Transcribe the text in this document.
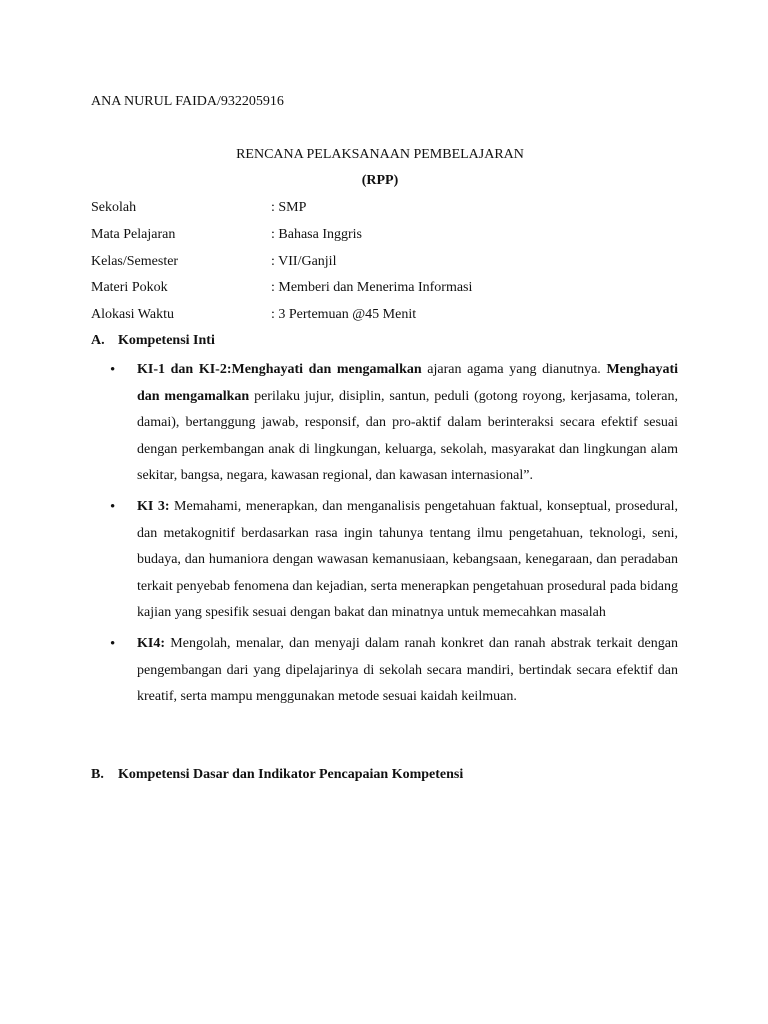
ANA NURUL FAIDA/932205916
RENCANA PELAKSANAAN PEMBELAJARAN
(RPP)
Sekolah	: SMP
Mata Pelajaran	: Bahasa Inggris
Kelas/Semester	: VII/Ganjil
Materi Pokok	: Memberi dan Menerima Informasi
Alokasi Waktu	: 3 Pertemuan @45 Menit
A. Kompetensi Inti
• KI-1 dan KI-2:Menghayati dan mengamalkan ajaran agama yang dianutnya. Menghayati dan mengamalkan perilaku jujur, disiplin, santun, peduli (gotong royong, kerjasama, toleran, damai), bertanggung jawab, responsif, dan pro-aktif dalam berinteraksi secara efektif sesuai dengan perkembangan anak di lingkungan, keluarga, sekolah, masyarakat dan lingkungan alam sekitar, bangsa, negara, kawasan regional, dan kawasan internasional”.
• KI 3: Memahami, menerapkan, dan menganalisis pengetahuan faktual, konseptual, prosedural, dan metakognitif berdasarkan rasa ingin tahunya tentang ilmu pengetahuan, teknologi, seni, budaya, dan humaniora dengan wawasan kemanusiaan, kebangsaan, kenegaraan, dan peradaban terkait penyebab fenomena dan kejadian, serta menerapkan pengetahuan prosedural pada bidang kajian yang spesifik sesuai dengan bakat dan minatnya untuk memecahkan masalah
• KI4: Mengolah, menalar, dan menyaji dalam ranah konkret dan ranah abstrak terkait dengan pengembangan dari yang dipelajarinya di sekolah secara mandiri, bertindak secara efektif dan kreatif, serta mampu menggunakan metode sesuai kaidah keilmuan.
B. Kompetensi Dasar dan Indikator Pencapaian Kompetensi
